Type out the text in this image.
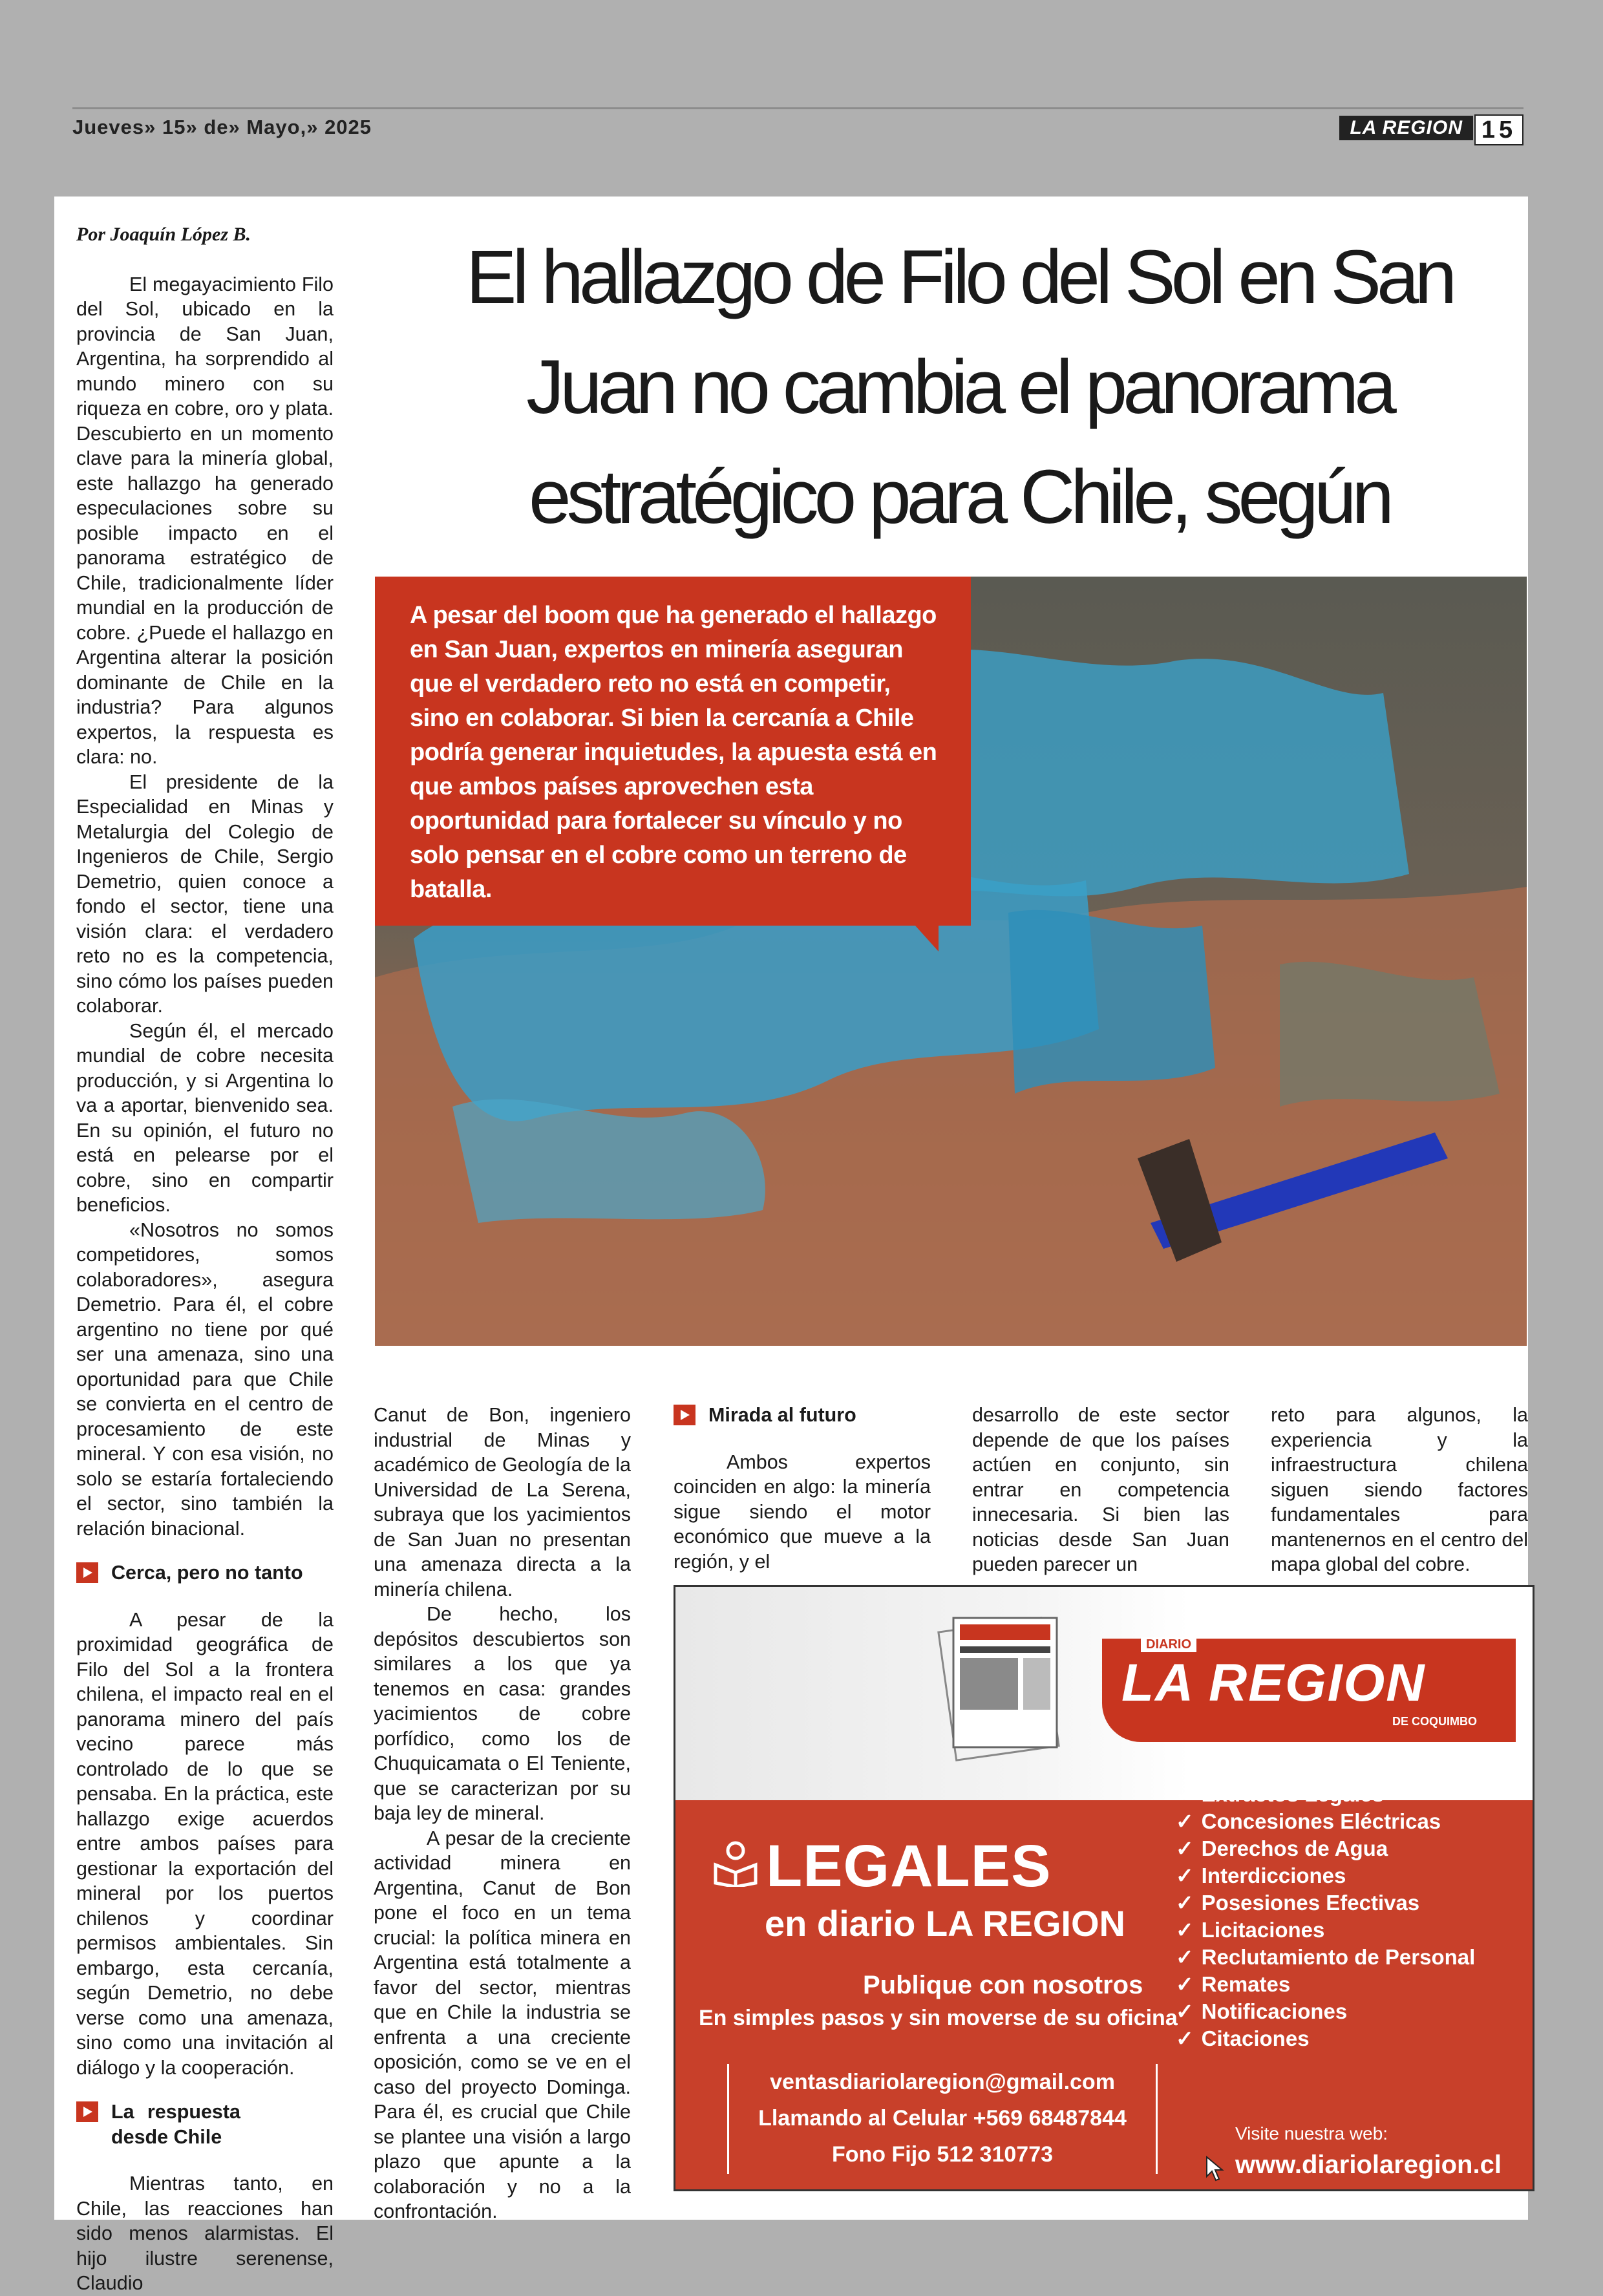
Jueves» 15» de» Mayo,» 2025	LA REGION 15
Por Joaquín López B.

El megayacimiento Filo del Sol, ubicado en la provincia de San Juan, Argentina, ha sorprendido al mundo minero con su riqueza en cobre, oro y plata. Descubierto en un momento clave para la minería global, este hallazgo ha generado especulaciones sobre su posible impacto en el panorama estratégico de Chile, tradicionalmente líder mundial en la producción de cobre. ¿Puede el hallazgo en Argentina alterar la posición dominante de Chile en la industria? Para algunos expertos, la respuesta es clara: no.

El presidente de la Especialidad en Minas y Metalurgia del Colegio de Ingenieros de Chile, Sergio Demetrio, quien conoce a fondo el sector, tiene una visión clara: el verdadero reto no es la competencia, sino cómo los países pueden colaborar.

Según él, el mercado mundial de cobre necesita producción, y si Argentina lo va a aportar, bienvenido sea. En su opinión, el futuro no está en pelearse por el cobre, sino en compartir beneficios.

«Nosotros no somos competidores, somos colaboradores», asegura Demetrio. Para él, el cobre argentino no tiene por qué ser una amenaza, sino una oportunidad para que Chile se convierta en el centro de procesamiento de este mineral. Y con esa visión, no solo se estaría fortaleciendo el sector, sino también la relación binacional.

Cerca, pero no tanto

A pesar de la proximidad geográfica de Filo del Sol a la frontera chilena, el impacto real en el panorama minero del país vecino parece más controlado de lo que se pensaba. En la práctica, este hallazgo exige acuerdos entre ambos países para gestionar la exportación del mineral por los puertos chilenos y coordinar permisos ambientales. Sin embargo, esta cercanía, según Demetrio, no debe verse como una amenaza, sino como una invitación al diálogo y la cooperación.

La respuesta desde Chile

Mientras tanto, en Chile, las reacciones han sido menos alarmistas. El hijo ilustre serenense, Claudio

El hallazgo de Filo del Sol en San Juan no cambia el panorama estratégico para Chile, según
A pesar del boom que ha generado el hallazgo en San Juan, expertos en minería aseguran que el verdadero reto no está en competir, sino en colaborar. Si bien la cercanía a Chile podría generar inquietudes, la apuesta está en que ambos países aprovechen esta oportunidad para fortalecer su vínculo y no solo pensar en el cobre como un terreno de batalla.

Canut de Bon, ingeniero industrial de Minas y académico de Geología de la Universidad de La Serena, subraya que los yacimientos de San Juan no presentan una amenaza directa a la minería chilena.

De hecho, los depósitos descubiertos son similares a los que ya tenemos en casa: grandes yacimientos de cobre porfídico, como los de Chuquicamata o El Teniente, que se caracterizan por su baja ley de mineral.

A pesar de la creciente actividad minera en Argentina, Canut de Bon pone el foco en un tema crucial: la política minera en Argentina está totalmente a favor del sector, mientras que en Chile la industria se enfrenta a una creciente oposición, como se ve en el caso del proyecto Dominga. Para él, es crucial que Chile se plantee una visión a largo plazo que apunte a la colaboración y no a la confrontación.

Mirada al futuro

Ambos expertos coinciden en algo: la minería sigue siendo el motor económico que mueve a la región, y el

desarrollo de este sector depende de que los países actúen en conjunto, sin entrar en competencia innecesaria. Si bien las noticias desde San Juan pueden parecer un

reto para algunos, la experiencia y la infraestructura chilena siguen siendo factores fundamentales para mantenernos en el centro del mapa global del cobre.

DIARIO
LA REGION
DE COQUIMBO
LEGALES
en diario LA REGION
Publique con nosotros
En simples pasos y sin moverse de su oficina
ventasdiariolaregion@gmail.com
Llamando al Celular +569 68487844
Fono Fijo 512 310773
✓ Extractos Legales
✓ Concesiones Eléctricas
✓ Derechos de Agua
✓ Interdicciones
✓ Posesiones Efectivas
✓ Licitaciones
✓ Reclutamiento de Personal
✓ Remates
✓ Notificaciones
✓ Citaciones
Visite nuestra web:
www.diariolaregion.cl
